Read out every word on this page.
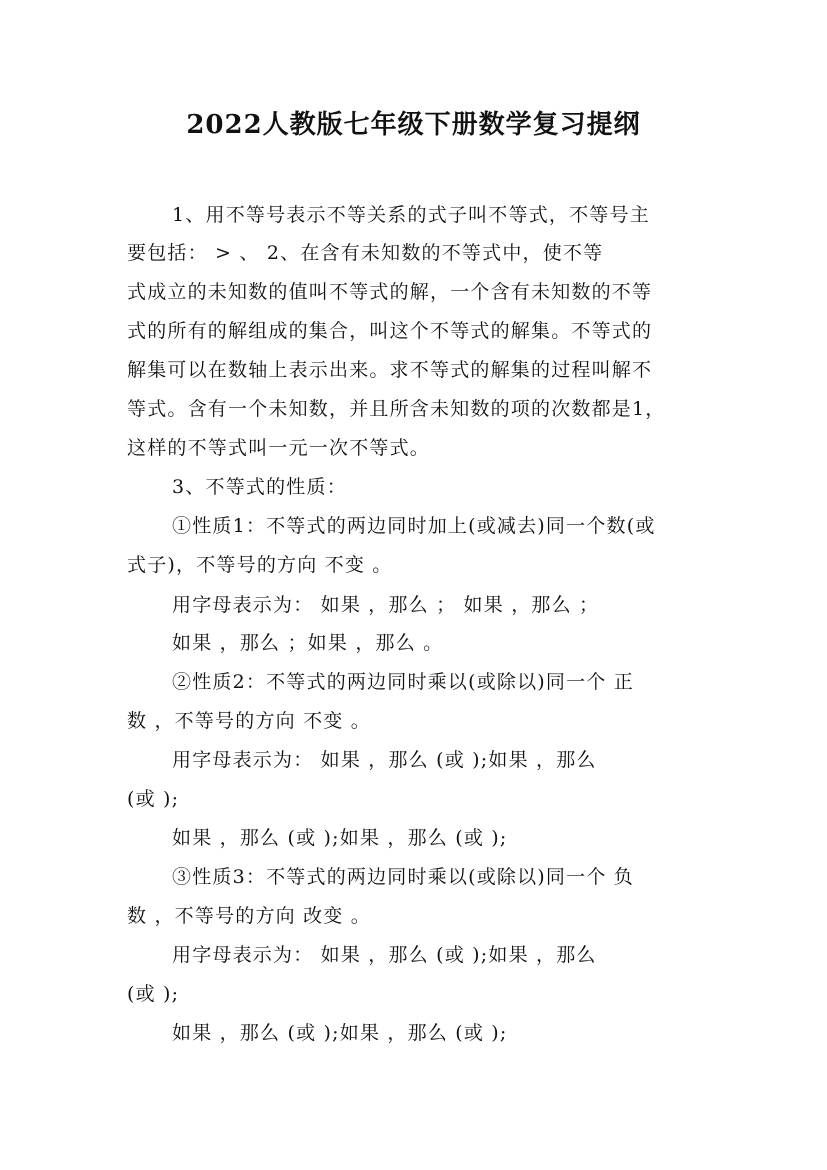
2022人教版七年级下册数学复习提纲
1、用不等号表示不等关系的式子叫不等式，不等号主
要包括： > 、 2、在含有未知数的不等式中，使不等
式成立的未知数的值叫不等式的解，一个含有未知数的不等
式的所有的解组成的集合，叫这个不等式的解集。不等式的
解集可以在数轴上表示出来。求不等式的解集的过程叫解不
等式。含有一个未知数，并且所含未知数的项的次数都是1，
这样的不等式叫一元一次不等式。
3、不等式的性质：
①性质1：不等式的两边同时加上(或减去)同一个数(或
式子)，不等号的方向 不变 。
用字母表示为： 如果 ，那么 ； 如果 ，那么 ；
如果 ，那么 ；如果 ，那么 。
②性质2：不等式的两边同时乘以(或除以)同一个 正
数 ，不等号的方向 不变 。
用字母表示为： 如果 ，那么 (或 );如果 ，那么
(或 );
如果 ，那么 (或 );如果 ，那么 (或 );
③性质3：不等式的两边同时乘以(或除以)同一个 负
数 ，不等号的方向 改变 。
用字母表示为： 如果 ，那么 (或 );如果 ，那么
(或 );
如果 ，那么 (或 );如果 ，那么 (或 );
